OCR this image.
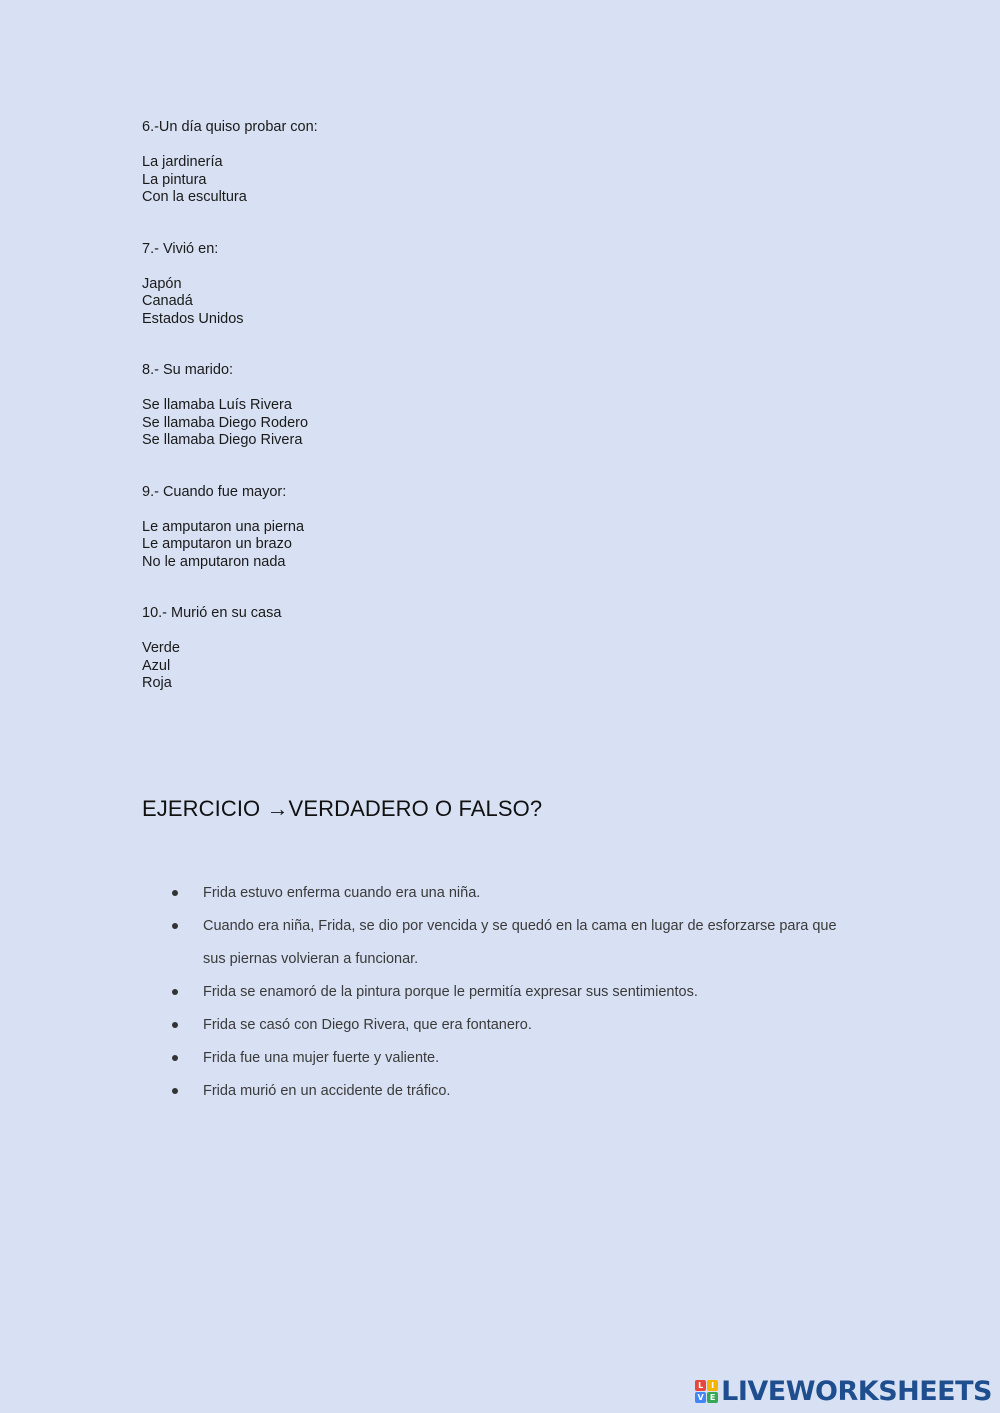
6.-Un día quiso probar con:

La jardinería
La pintura
Con la escultura

7.- Vivió en:

Japón
Canadá
Estados Unidos

8.- Su marido:

Se llamaba Luís Rivera
Se llamaba Diego Rodero
Se llamaba Diego Rivera

9.- Cuando fue mayor:

Le amputaron una pierna
Le amputaron un brazo
No le amputaron nada

10.- Murió en su casa

Verde
Azul
Roja
EJERCICIO →VERDADERO O FALSO?
Frida estuvo enferma cuando era una niña.
Cuando era niña, Frida, se dio por vencida y se quedó en la cama en lugar de esforzarse para que sus piernas volvieran a funcionar.
Frida se enamoró de la pintura porque le permitía expresar sus sentimientos.
Frida se casó con Diego Rivera, que era fontanero.
Frida fue una mujer fuerte y valiente.
Frida murió en un accidente de tráfico.
L I
V E LIVEWORKSHEETS
